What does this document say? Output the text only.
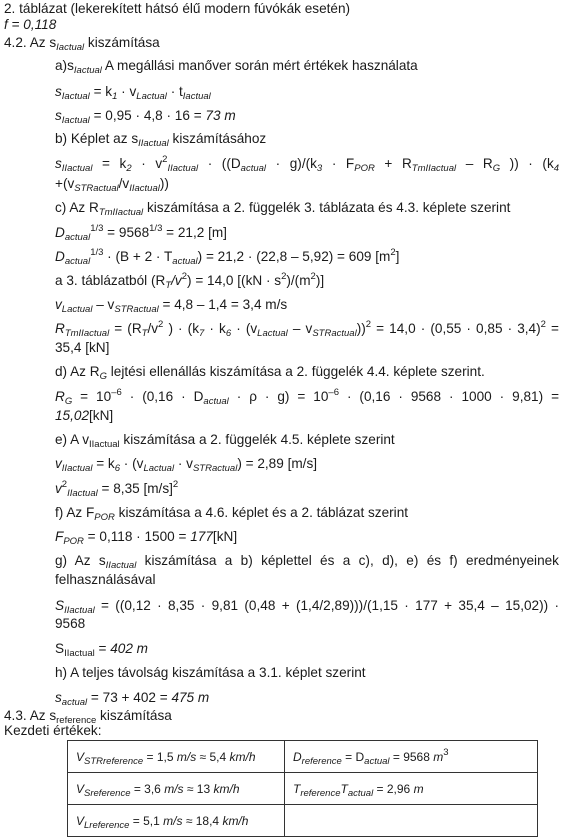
2. táblázat (lekerekített hátsó élű modern fúvókák esetén)
f = 0,118
4.2. Az $s_{Iactual}$ kiszámítása
$a)s_{Iactual}$ A megállási manőver során mért értékek használata
$s_{Iactual} = k_1 \cdot v_{Lactual} \cdot t_{Iactual}$
$s_{Iactual} = 0,95 \cdot 4,8 \cdot 16 = 73$ m
b) Képlet az $s_{IIactual}$ kiszámításához
$s_{IIactual} = k_2 \cdot v^2_{IIactual} \cdot ((D_{actual} \cdot g)/(k_3 \cdot F_{POR} + R_{TmIIactual} - R_G$ )) · ($k_4$
$+(v_{STRactual}/v_{IIactual})$)
c) Az $R_{TmIIactual}$ kiszámítása a 2. függelék 3. táblázata és 4.3. képlete szerint
$D_{actual}^{1/3} = 9568^{1/3} = 21,2$ [m]
$D_{actual}^{1/3} \cdot (B + 2 \cdot T_{actual}) = 21,2 \cdot (22,8 - 5,92) = 609$ $[m^2]$
a 3. táblázatból $(R_T/v^2) = 14,0$ $[(kN \cdot s^2)/(m^2)]$
$v_{Lactual} - v_{STRactual} = 4,8 - 1,4 = 3,4$ m/s
$R_{TmIIactual} = (R_T/v^2$ ) · $(k_7 \cdot k_6 \cdot (v_{Lactual} - v_{STRactual}))^2 = 14,0 \cdot (0,55 \cdot 0,85 \cdot 3,4)^2$ =
35,4 [kN]
d) Az $R_G$ lejtési ellenállás kiszámítása a 2. függelék 4.4. képlete szerint.
$R_G = 10^{-6} \cdot (0,16 \cdot D_{actual} \cdot \rho \cdot g) = 10^{-6} \cdot (0,16 \cdot 9568 \cdot 1000 \cdot 9,81)$ =
15,02[kN]
e) A $v_{IIactual}$ kiszámítása a 2. függelék 4.5. képlete szerint
$v_{IIactual} = k_6 \cdot (v_{Lactual} \cdot v_{STRactual}) = 2,89$ [m/s]
$v^2_{IIactual} = 8,35$ $[m/s]^2$
f) Az $F_{POR}$ kiszámítása a 4.6. képlet és a 2. táblázat szerint
$F_{POR} = 0,118 \cdot 1500 = 177[kN]$
g) Az $s_{IIactual}$ kiszámítása a b) képlettel és a c), d), e) és f) eredményeinek
felhasználásával
$S_{IIactual} = ((0,12 \cdot 8,35 \cdot 9,81$ (0,48 + (1,4/2,89)))/(1,15 · 177 + 35,4 – 15,02)) ·
9568
$S_{IIactual} = 402$ m
h) A teljes távolság kiszámítása a 3.1. képlet szerint
$s_{actual} = 73 + 402 = 475$ m
4.3. Az $s_{reference}$ kiszámítása
Kezdeti értékek:
$V_{STRreference} = 1,5$ m/s ≈ 5,4 km/h	$D_{reference} = D_{actual} = 9568$ $m^3$
$V_{Sreference} = 3,6$ m/s ≈ 13 km/h	$T_{reference}T_{actual} = 2,96$ m
$V_{Lreference} = 5,1$ m/s ≈ 18,4 km/h	
